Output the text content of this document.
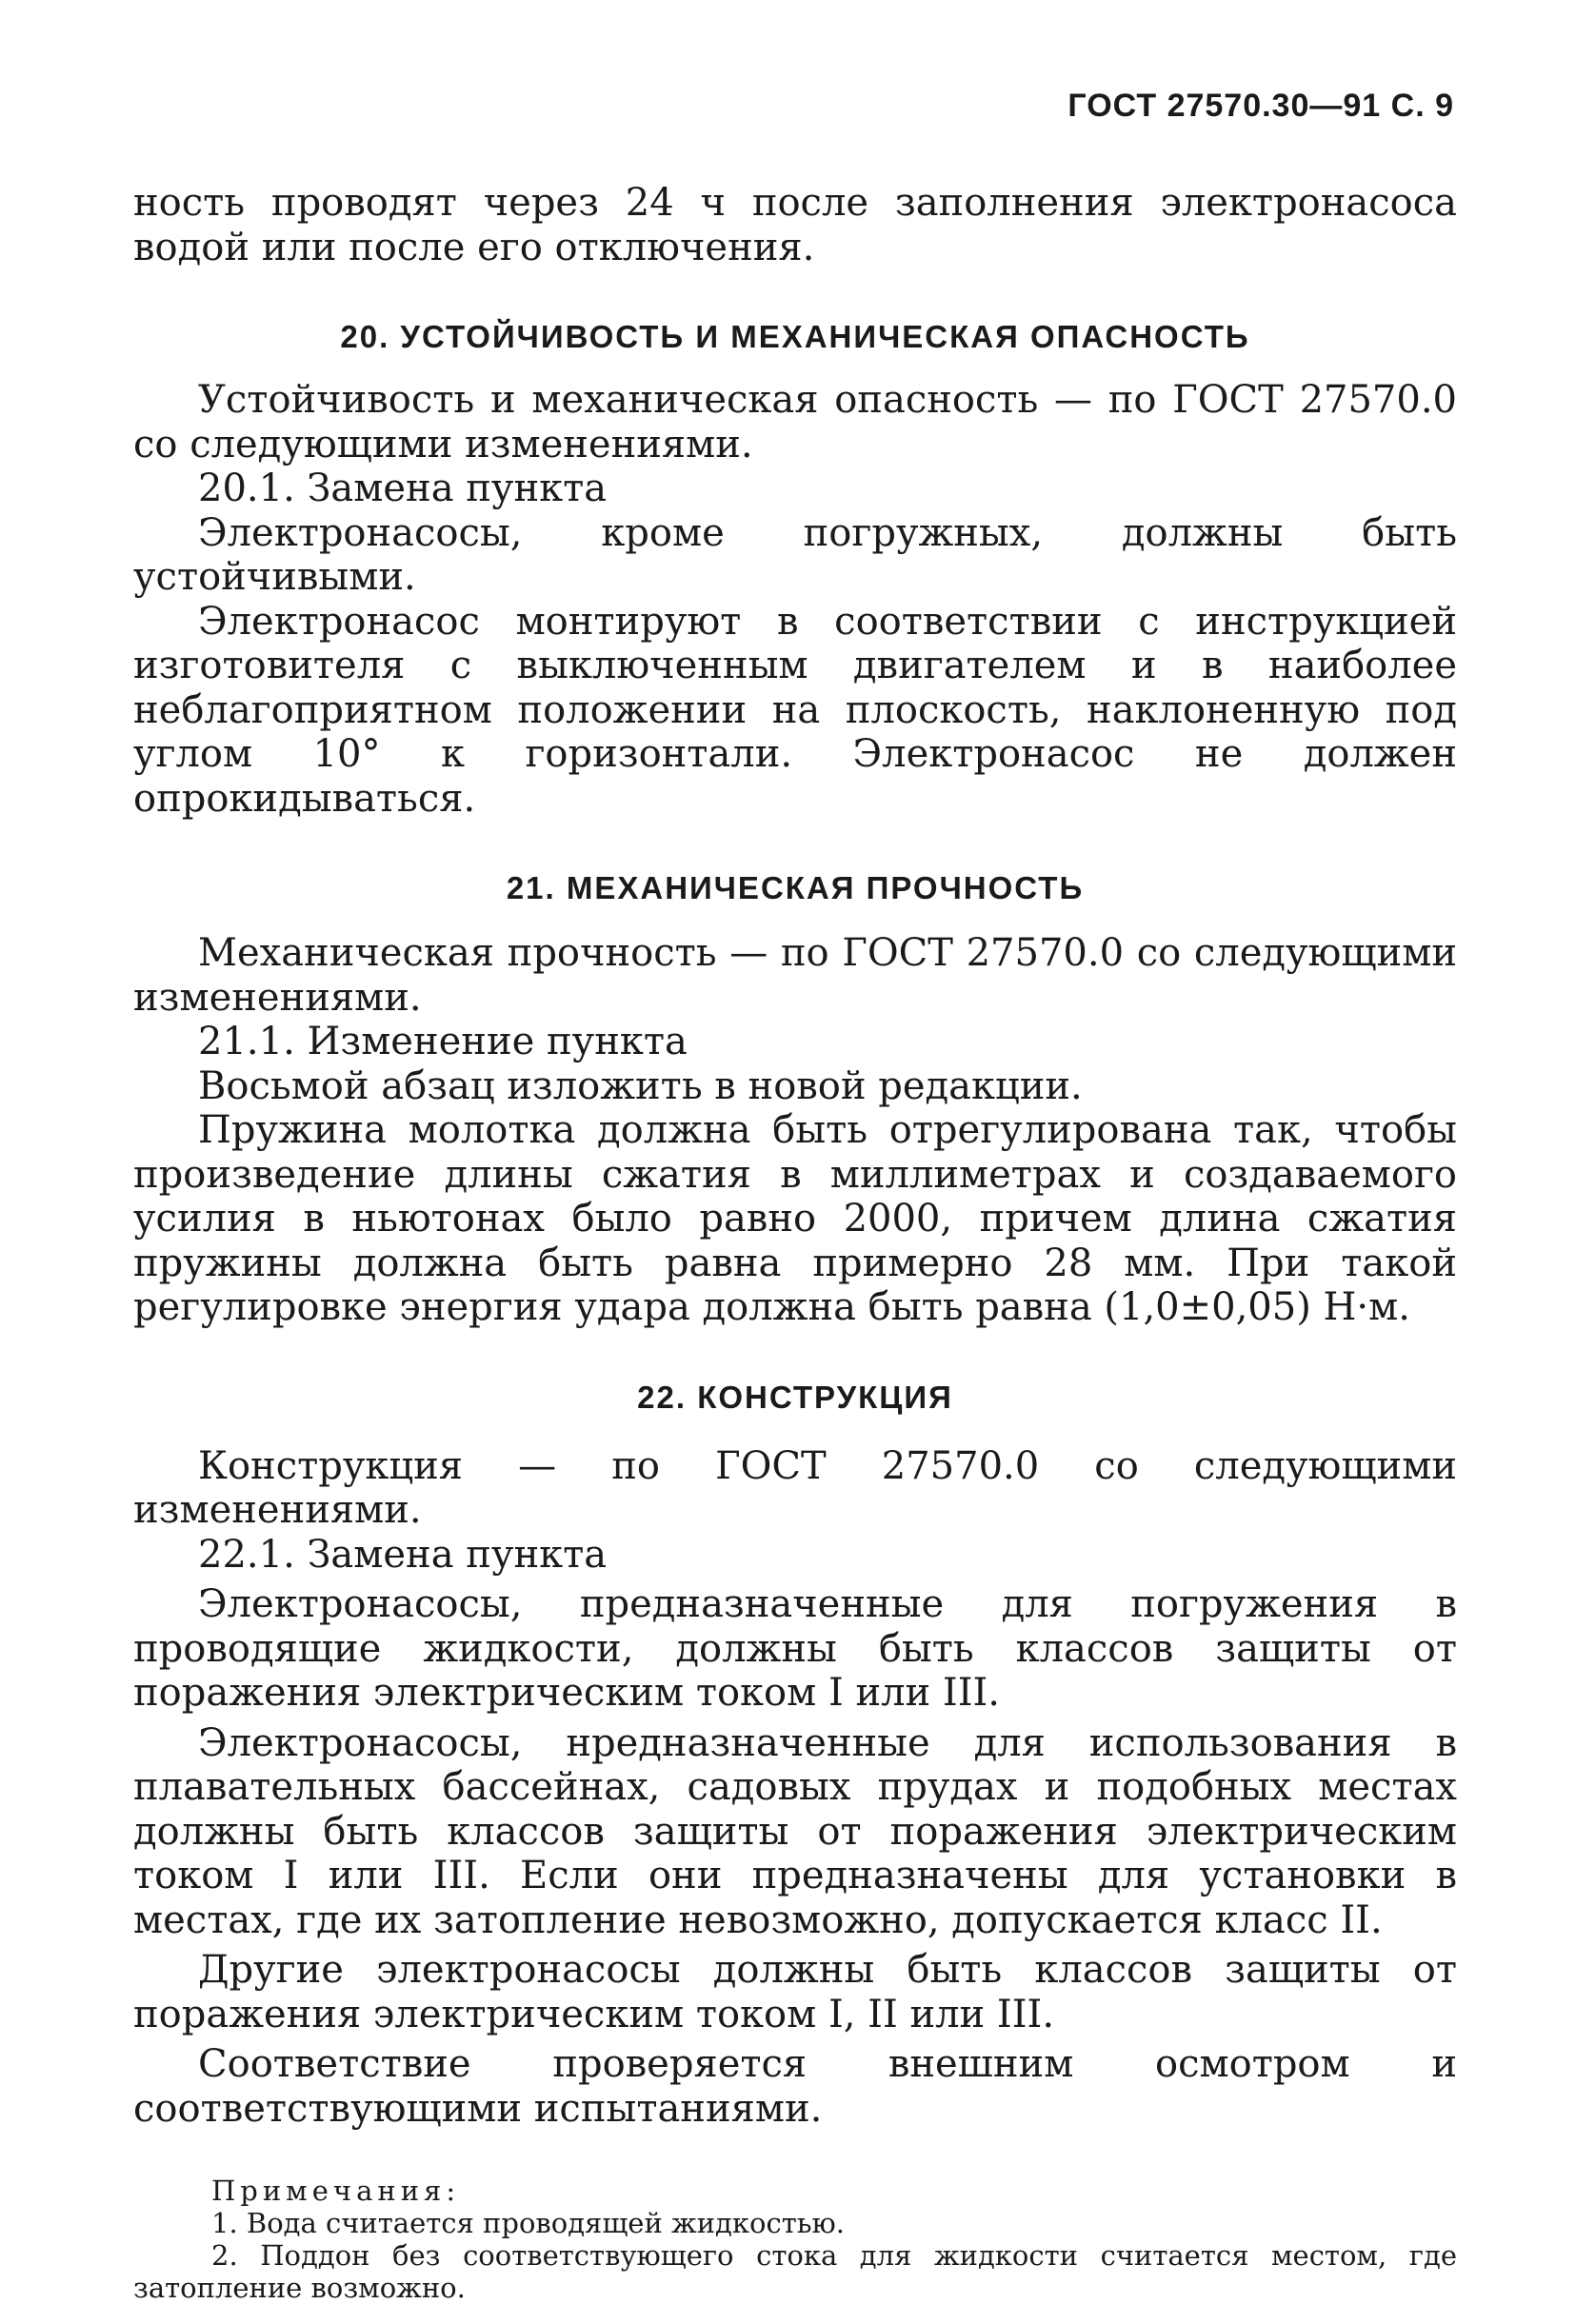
ГОСТ 27570.30—91 С. 9

ность проводят через 24 ч после заполнения электронасоса водой или после его отключения.

20. УСТОЙЧИВОСТЬ И МЕХАНИЧЕСКАЯ ОПАСНОСТЬ

Устойчивость и механическая опасность — по ГОСТ 27570.0 со следующими изменениями.

20.1. Замена пункта

Электронасосы, кроме погружных, должны быть устойчивыми.

Электронасос монтируют в соответствии с инструкцией изготовителя с выключенным двигателем и в наиболее неблагоприятном положении на плоскость, наклоненную под углом 10° к горизонтали. Электронасос не должен опрокидываться.

21. МЕХАНИЧЕСКАЯ ПРОЧНОСТЬ

Механическая прочность — по ГОСТ 27570.0 со следующими изменениями.

21.1. Изменение пункта

Восьмой абзац изложить в новой редакции.

Пружина молотка должна быть отрегулирована так, чтобы произведение длины сжатия в миллиметрах и создаваемого усилия в ньютонах было равно 2000, причем длина сжатия пружины должна быть равна примерно 28 мм. При такой регулировке энергия удара должна быть равна (1,0±0,05) Н·м.

22. КОНСТРУКЦИЯ

Конструкция — по ГОСТ 27570.0 со следующими изменениями.

22.1. Замена пункта

Электронасосы, предназначенные для погружения в проводящие жидкости, должны быть классов защиты от поражения электрическим током I или III.

Электронасосы, нредназначенные для использования в плавательных бассейнах, садовых прудах и подобных местах должны быть классов защиты от поражения электрическим током I или III. Если они предназначены для установки в местах, где их затопление невозможно, допускается класс II.

Другие электронасосы должны быть классов защиты от поражения электрическим током I, II или III.

Соответствие проверяется внешним осмотром и соответствующими испытаниями.

Примечания:
1. Вода считается проводящей жидкостью.
2. Поддон без соответствующего стока для жидкости считается местом, где затопление возможно.
